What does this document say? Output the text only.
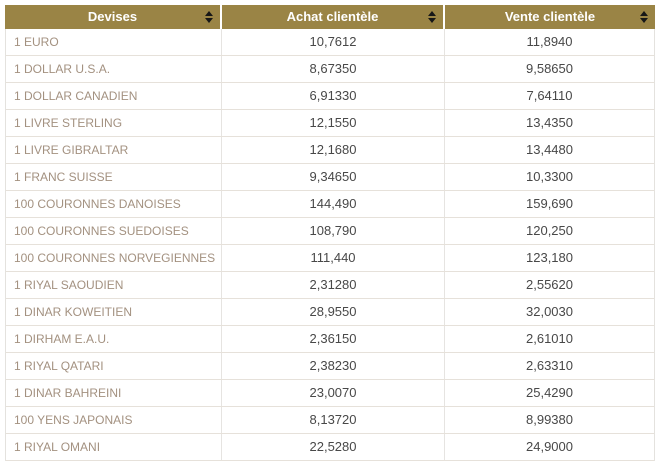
Devises	Achat clientèle	Vente clientèle
1 EURO	10,7612	11,8940
1 DOLLAR U.S.A.	8,67350	9,58650
1 DOLLAR CANADIEN	6,91330	7,64110
1 LIVRE STERLING	12,1550	13,4350
1 LIVRE GIBRALTAR	12,1680	13,4480
1 FRANC SUISSE	9,34650	10,3300
100 COURONNES DANOISES	144,490	159,690
100 COURONNES SUEDOISES	108,790	120,250
100 COURONNES NORVEGIENNES	111,440	123,180
1 RIYAL SAOUDIEN	2,31280	2,55620
1 DINAR KOWEITIEN	28,9550	32,0030
1 DIRHAM E.A.U.	2,36150	2,61010
1 RIYAL QATARI	2,38230	2,63310
1 DINAR BAHREINI	23,0070	25,4290
100 YENS JAPONAIS	8,13720	8,99380
1 RIYAL OMANI	22,5280	24,9000
